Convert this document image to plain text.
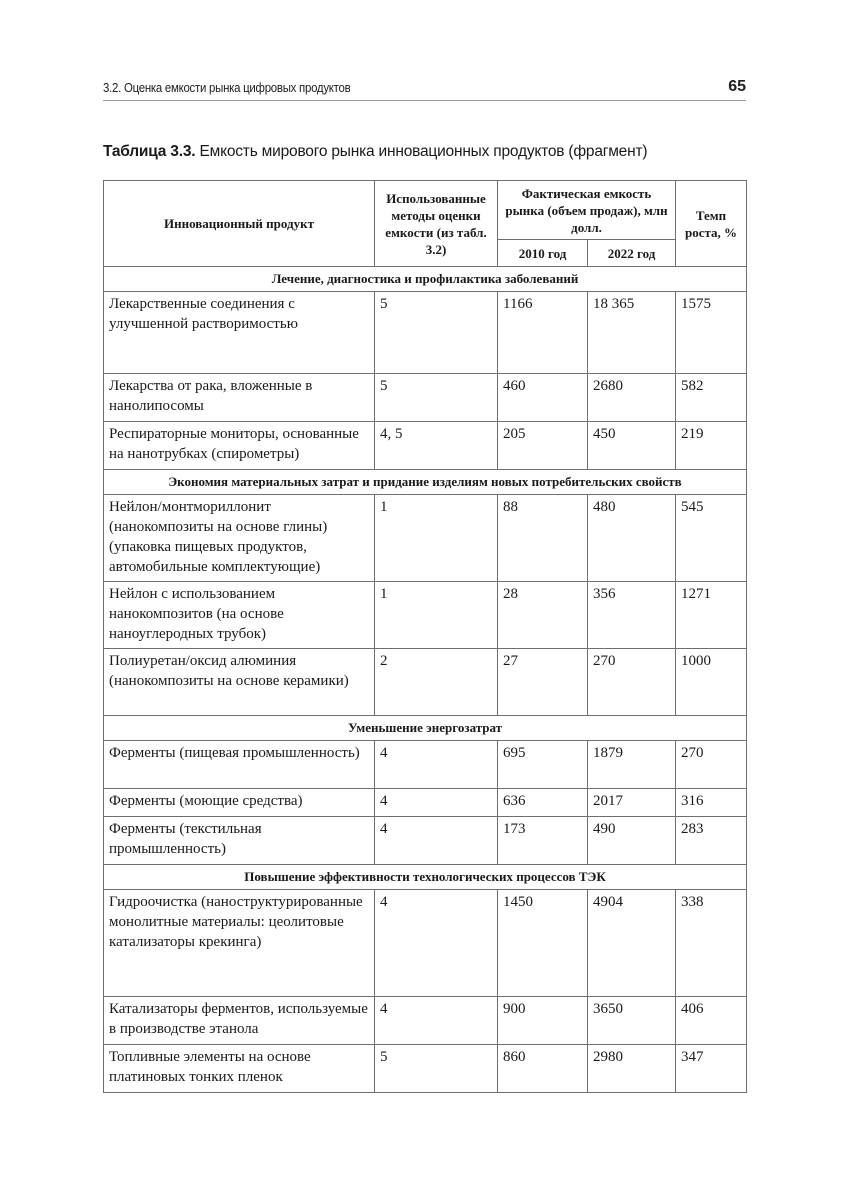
3.2. Оценка емкости рынка цифровых продуктов	65
Таблица 3.3. Емкость мирового рынка инновационных продуктов (фрагмент)
Инновационный продукт	Использованные методы оценки емкости (из табл. 3.2)	Фактическая емкость рынка (объем продаж), млн долл.		Темп роста, %
		2010 год	2022 год	
Лечение, диагностика и профилактика заболеваний				
Лекарственные соединения с улучшенной растворимостью	5	1166	18 365	1575
Лекарства от рака, вложенные в нанолипосомы	5	460	2680	582
Респираторные мониторы, основанные на нанотрубках (спирометры)	4, 5	205	450	219
Экономия материальных затрат и придание изделиям новых потребительских свойств				
Нейлон/монтмориллонит (нанокомпозиты на основе глины) (упаковка пищевых продуктов, автомобильные комплектующие)	1	88	480	545
Нейлон с использованием нанокомпозитов (на основе наноуглеродных трубок)	1	28	356	1271
Полиуретан/оксид алюминия (нанокомпозиты на основе керамики)	2	27	270	1000
Уменьшение энергозатрат				
Ферменты (пищевая промышленность)	4	695	1879	270
Ферменты (моющие средства)	4	636	2017	316
Ферменты (текстильная промышленность)	4	173	490	283
Повышение эффективности технологических процессов ТЭК				
Гидроочистка (наноструктурированные монолитные материалы: цеолитовые катализаторы крекинга)	4	1450	4904	338
Катализаторы ферментов, используемые в производстве этанола	4	900	3650	406
Топливные элементы на основе платиновых тонких пленок	5	860	2980	347
